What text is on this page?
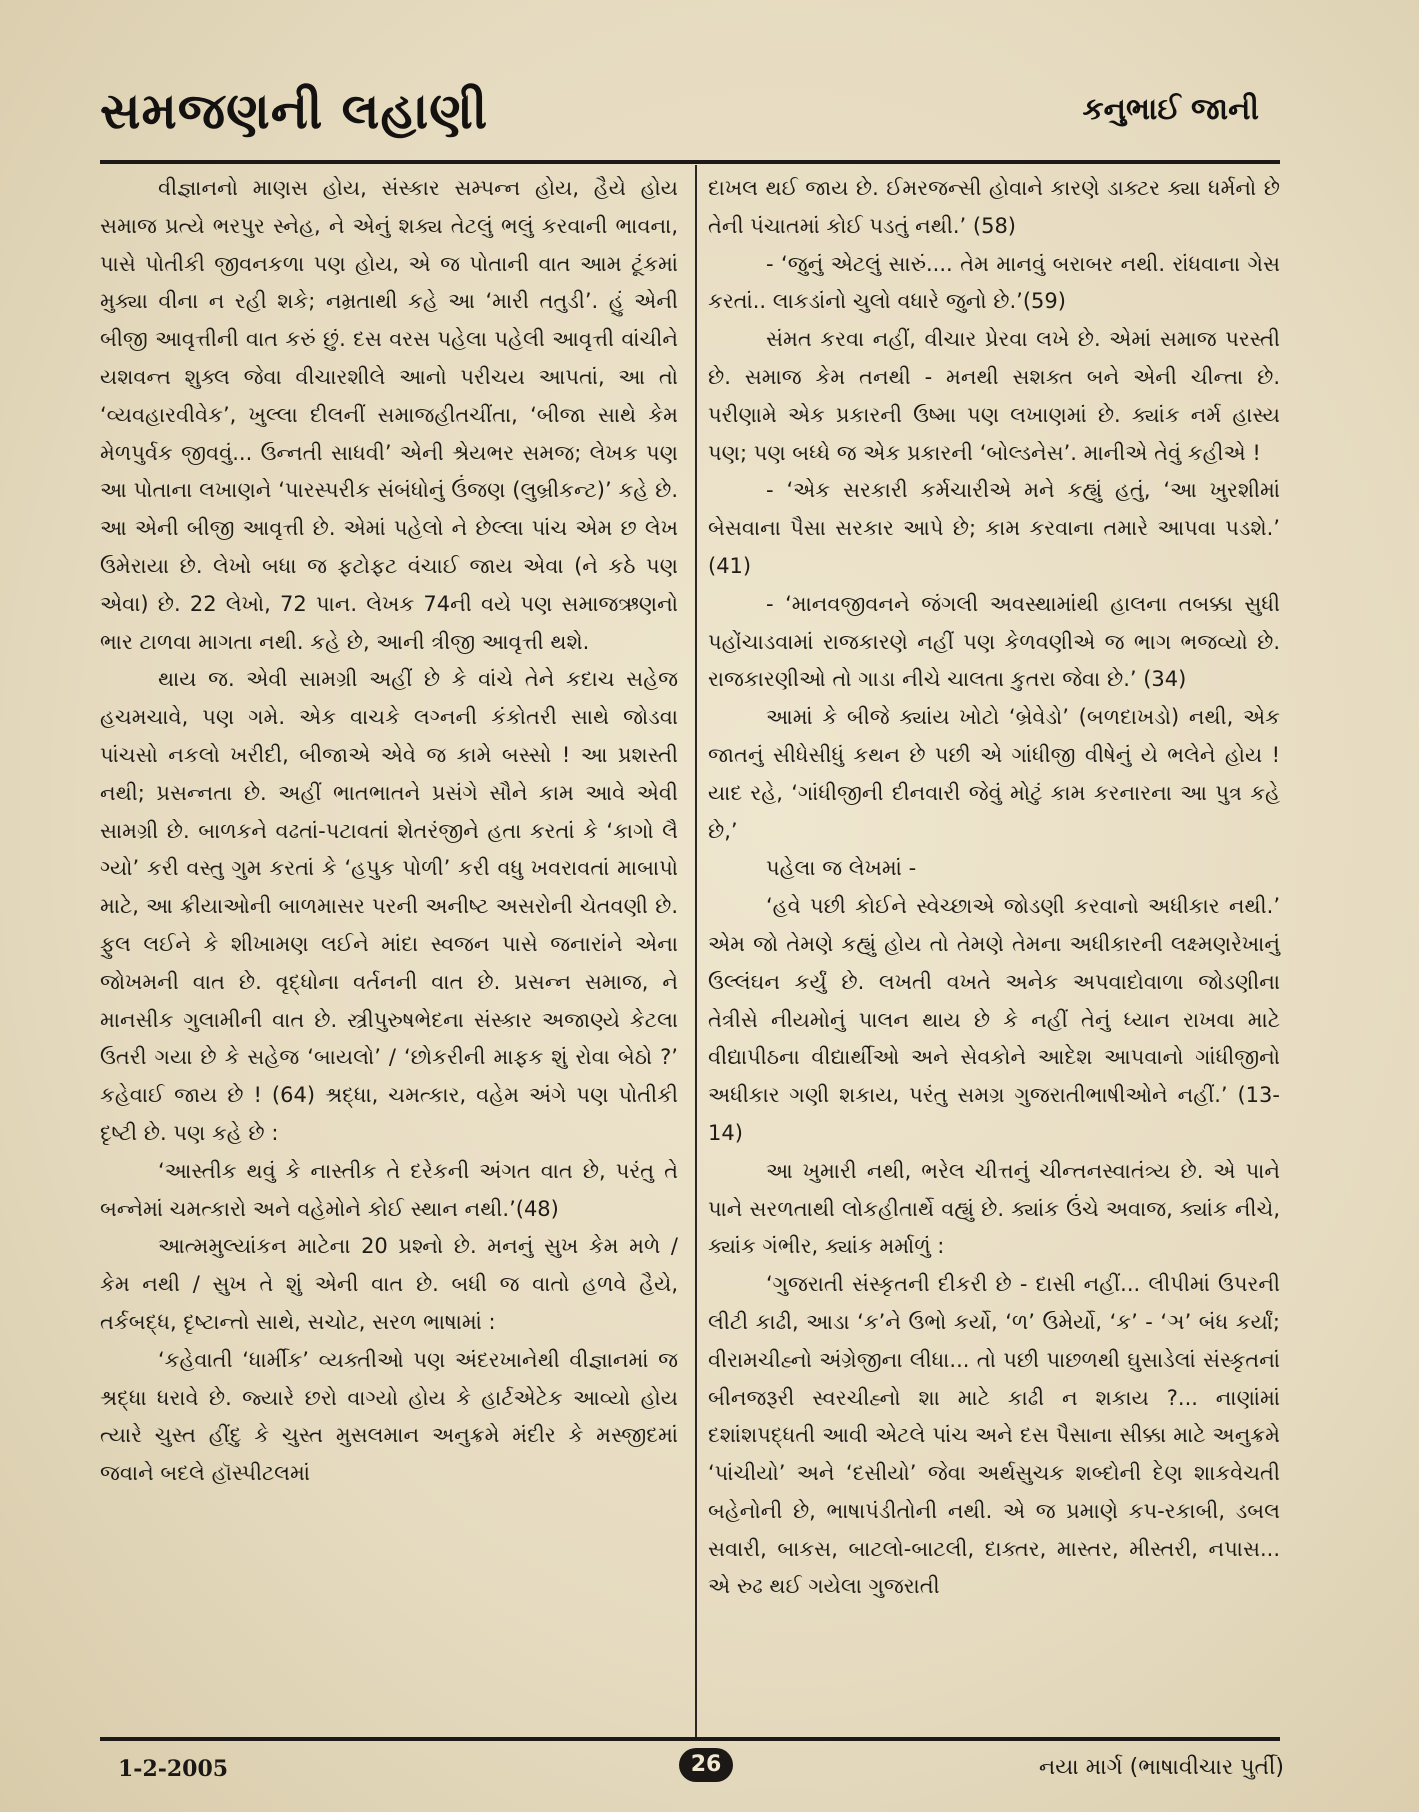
સમજણની લહાણી	કનુભાઈ જાની

વીજ્ઞાનનો માણસ હોય, સંસ્કાર સમ્પન્ન હોય, હૈયે હોય સમાજ પ્રત્યે ભરપુર સ્નેહ, ને એનું શક્ય તેટલું ભલું કરવાની ભાવના, પાસે પોતીકી જીવનકળા પણ હોય, એ જ પોતાની વાત આમ ટૂંકમાં મુક્યા વીના ન રહી શકે; નમ્રતાથી કહે આ ‘મારી તતુડી’. હું એની બીજી આવૃત્તીની વાત કરું છું. દસ વરસ પહેલા પહેલી આવૃત્તી વાંચીને યશવન્ત શુક્લ જેવા વીચારશીલે આનો પરીચય આપતાં, આ તો ‘વ્યવહારવીવેક’, ખુલ્લા દીલનીં સમાજહીતચીંતા, ‘બીજા સાથે કેમ મેળપુર્વક જીવવું... ઉન્નતી સાધવી’ એની શ્રેયભર સમજ; લેખક પણ આ પોતાના લખાણને ‘પારસ્પરીક સંબંધોનું ઉંજણ (લુબ્રીકન્ટ)’ કહે છે. આ એની બીજી આવૃત્તી છે. એમાં પહેલો ને છેલ્લા પાંચ એમ છ લેખ ઉમેરાયા છે. લેખો બધા જ ફટોફટ વંચાઈ જાય એવા (ને કઠે પણ એવા) છે. 22 લેખો, 72 પાન. લેખક 74ની વયે પણ સમાજઋણનો ભાર ટાળવા માગતા નથી. કહે છે, આની ત્રીજી આવૃત્તી થશે.

થાય જ. એવી સામગ્રી અહીં છે કે વાંચે તેને કદાચ સહેજ હચમચાવે, પણ ગમે. એક વાચકે લગ્નની કંકોતરી સાથે જોડવા પાંચસો નકલો ખરીદી, બીજાએ એવે જ કામે બસ્સો ! આ પ્રશસ્તી નથી; પ્રસન્નતા છે. અહીં ભાતભાતને પ્રસંગે સૌને કામ આવે એવી સામગ્રી છે. બાળકને વઢતાં-પટાવતાં શેતરંજીને હતા કરતાં કે ‘કાગો લૈ ગ્યો’ કરી વસ્તુ ગુમ કરતાં કે ‘હપુક પોળી’ કરી વધુ ખવરાવતાં માબાપો માટે, આ ક્રીયાઓની બાળમાસર પરની અનીષ્ટ અસરોની ચેતવણી છે. ફુલ લઈને કે શીખામણ લઈને માંદા સ્વજન પાસે જનારાંને એના જોખમની વાત છે. વૃદ્ધોના વર્તનની વાત છે. પ્રસન્ન સમાજ, ને માનસીક ગુલામીની વાત છે. સ્ત્રીપુરુષભેદના સંસ્કાર અજાણ્યે કેટલા ઉતરી ગયા છે કે સહેજ ‘બાયલો’ / ‘છોકરીની માફક શું રોવા બેઠો ?’ કહેવાઈ જાય છે ! (64) શ્રદ્ધા, ચમત્કાર, વહેમ અંગે પણ પોતીકી દૃષ્ટી છે. પણ કહે છે :

‘આસ્તીક થવું કે નાસ્તીક તે દરેકની અંગત વાત છે, પરંતુ તે બન્નેમાં ચમત્કારો અને વહેમોને કોઈ સ્થાન નથી.’(48)

આત્મમુલ્યાંકન માટેના 20 પ્રશ્નો છે. મનનું સુખ કેમ મળે / કેમ નથી / સુખ તે શું એની વાત છે. બધી જ વાતો હળવે હૈયે, તર્કબદ્ધ, દૃષ્ટાન્તો સાથે, સચોટ, સરળ ભાષામાં :

‘કહેવાતી ‘ધાર્મીક’ વ્યક્તીઓ પણ અંદરખાનેથી વીજ્ઞાનમાં જ શ્રદ્ધા ધરાવે છે. જ્યારે છરો વાગ્યો હોય કે હાર્ટએટેક આવ્યો હોય ત્યારે ચુસ્ત હીંદુ કે ચુસ્ત મુસલમાન અનુક્રમે મંદીર કે મસ્જીદમાં જવાને બદલે હૉસ્પીટલમાં

દાખલ થઈ જાય છે. ઈમરજન્સી હોવાને કારણે ડાક્ટર ક્યા ધર્મનો છે તેની પંચાતમાં કોઈ પડતું નથી.’ (58)

- ‘જુનું એટલું સારું.... તેમ માનવું બરાબર નથી. રાંધવાના ગેસ કરતાં.. લાકડાંનો ચુલો વધારે જુનો છે.’(59)

સંમત કરવા નહીં, વીચાર પ્રેરવા લખે છે. એમાં સમાજ પરસ્તી છે. સમાજ કેમ તનથી - મનથી સશક્ત બને એની ચીન્તા છે. પરીણામે એક પ્રકારની ઉષ્મા પણ લખાણમાં છે. ક્યાંક નર્મ હાસ્ય પણ; પણ બધ્ધે જ એક પ્રકારની ‘બોલ્ડનેસ’. માનીએ તેવું કહીએ !

- ‘એક સરકારી કર્મચારીએ મને કહ્યું હતું, ‘આ ખુરશીમાં બેસવાના પૈસા સરકાર આપે છે; કામ કરવાના તમારે આપવા પડશે.’ (41)

- ‘માનવજીવનને જંગલી અવસ્થામાંથી હાલના તબક્કા સુધી પહોંચાડવામાં રાજકારણે નહીં પણ કેળવણીએ જ ભાગ ભજવ્યો છે. રાજકારણીઓ તો ગાડા નીચે ચાલતા કુતરા જેવા છે.’ (34)

આમાં કે બીજે ક્યાંય ખોટો ‘બ્રેવેડો’ (બળદાખડો) નથી, એક જાતનું સીધેસીધું કથન છે પછી એ ગાંધીજી વીષેનું યે ભલેને હોય ! યાદ રહે, ‘ગાંધીજીની દીનવારી જેવું મોટું કામ કરનારના આ પુત્ર કહે છે,’

પહેલા જ લેખમાં -

‘હવે પછી કોઈને સ્વેચ્છાએ જોડણી કરવાનો અધીકાર નથી.’ એમ જો તેમણે કહ્યું હોય તો તેમણે તેમના અધીકારની લક્ષ્મણરેખાનું ઉલ્લંઘન કર્યું છે. લખતી વખતે અનેક અપવાદોવાળા જોડણીના તેત્રીસે નીયમોનું પાલન થાય છે કે નહીં તેનું ધ્યાન રાખવા માટે વીદ્યાપીઠના વીદ્યાર્થીઓ અને સેવકોને આદેશ આપવાનો ગાંધીજીનો અધીકાર ગણી શકાય, પરંતુ સમગ્ર ગુજરાતીભાષીઓને નહીં.’ (13-14)

આ ખુમારી નથી, ભરેલ ચીત્તનું ચીન્તનસ્વાતંત્ર્ય છે. એ પાને પાને સરળતાથી લોકહીતાર્થે વહ્યું છે. ક્યાંક ઉંચે અવાજ, ક્યાંક નીચે, ક્યાંક ગંભીર, ક્યાંક મર્માળું :

‘ગુજરાતી સંસ્કૃતની દીકરી છે - દાસી નહીં... લીપીમાં ઉપરની લીટી કાઢી, આડા ‘ક’ને ઉભો કર્યો, ‘ળ’ ઉમેર્યો, ‘ક’ - ‘ઞ’ બંધ કર્યાં; વીરામચીહ્નો અંગ્રેજીના લીધા... તો પછી પાછળથી ઘુસાડેલાં સંસ્કૃતનાં બીનજરૂરી સ્વરચીહ્નો શા માટે કાઢી ન શકાય ?... નાણાંમાં દશાંશપદ્ધતી આવી એટલે પાંચ અને દસ પૈસાના સીક્કા માટે અનુક્રમે ‘પાંચીયો’ અને ‘દસીયો’ જેવા અર્થસુચક શબ્દોની દેણ શાકવેચતી બહેનોની છે, ભાષાપંડીતોની નથી. એ જ પ્રમાણે કપ-રકાબી, ડબલ સવારી, બાકસ, બાટલો-બાટલી, દાક્તર, માસ્તર, મીસ્તરી, નપાસ... એ રુઢ થઈ ગયેલા ગુજરાતી

1-2-2005	26	નયા માર્ગ (ભાષાવીચાર પુર્તી)
